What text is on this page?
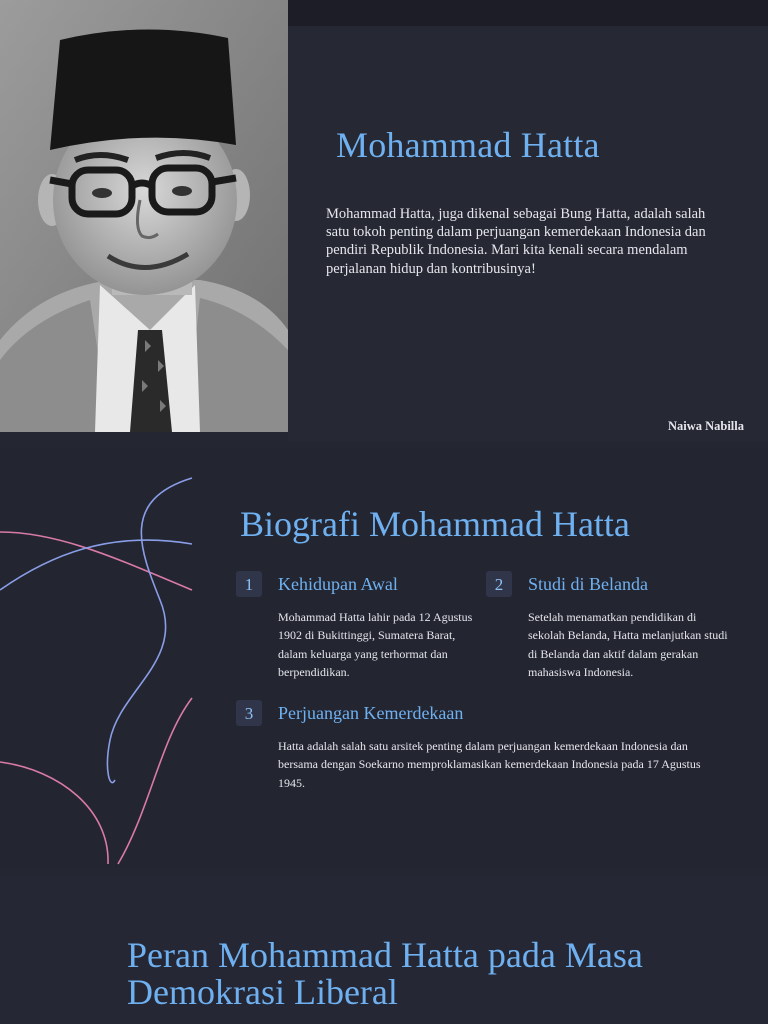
Mohammad Hatta

Mohammad Hatta, juga dikenal sebagai Bung Hatta, adalah salah satu tokoh penting dalam perjuangan kemerdekaan Indonesia dan pendiri Republik Indonesia. Mari kita kenali secara mendalam perjalanan hidup dan kontribusinya!

Naiwa Nabilla
Biografi Mohammad Hatta
1	Kehidupan Awal

Mohammad Hatta lahir pada 12 Agustus 1902 di Bukittinggi, Sumatera Barat, dalam keluarga yang terhormat dan berpendidikan.

2	Studi di Belanda

Setelah menamatkan pendidikan di sekolah Belanda, Hatta melanjutkan studi di Belanda dan aktif dalam gerakan mahasiswa Indonesia.

3	Perjuangan Kemerdekaan

Hatta adalah salah satu arsitek penting dalam perjuangan kemerdekaan Indonesia dan bersama dengan Soekarno memproklamasikan kemerdekaan Indonesia pada 17 Agustus 1945.

Peran Mohammad Hatta pada Masa Demokrasi Liberal
